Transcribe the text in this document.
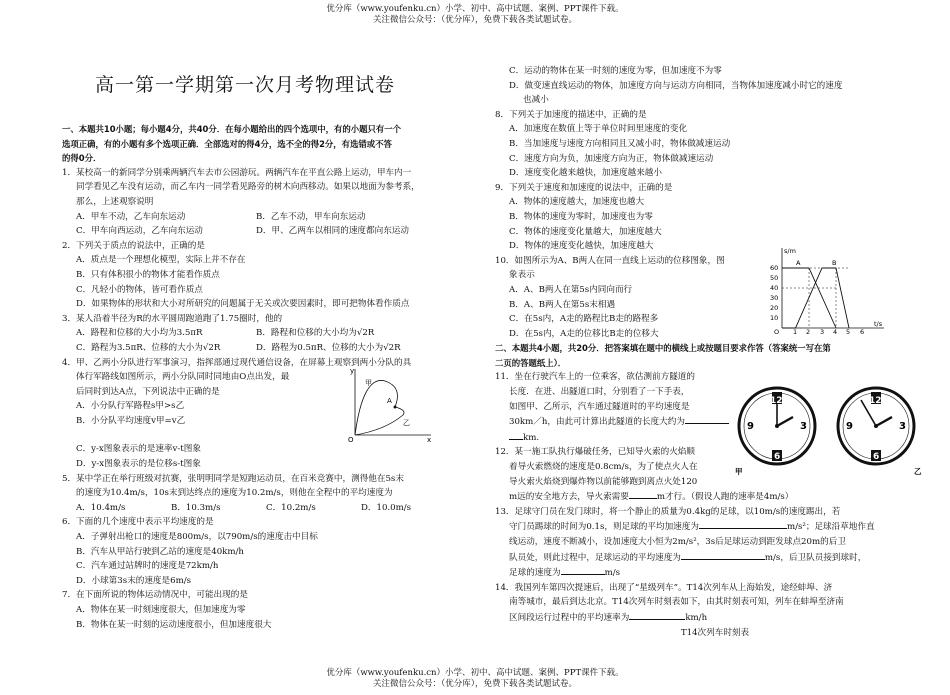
优分库（www.youfenku.cn）小学、初中、高中试题、案例、PPT课件下载。
关注微信公众号：（优分库），免费下载各类试题试卷。
高一第一学期第一次月考物理试卷

一、本题共10小题；每小题4分，共40分．在每小题给出的四个选项中，有的小题只有一个

选项正确，有的小题有多个选项正确．全部选对的得4分，选不全的得2分，有选错或不答

的得0分．

1．某校高一的新同学分别乘两辆汽车去市公园游玩。两辆汽车在平直公路上运动，甲车内一

同学看见乙车没有运动，而乙车内一同学看见路旁的树木向西移动。如果以地面为参考系，

那么，上述观察说明

A．甲车不动，乙车向东运动	B．乙车不动，甲车向东运动
C．甲车向西运动，乙车向东运动	D．甲、乙两车以相同的速度都向东运动

2．下列关于质点的说法中，正确的是

A．质点是一个理想化模型，实际上并不存在

B．只有体积很小的物体才能看作质点

C．凡轻小的物体，皆可看作质点

D．如果物体的形状和大小对所研究的问题属于无关或次要因素时，即可把物体看作质点

3．某人沿着半径为R的水平圆周跑道跑了1.75圈时，他的

A．路程和位移的大小均为3.5πR	B．路程和位移的大小均为√2R
C．路程为3.5πR、位移的大小为√2R	D．路程为0.5πR、位移的大小为√2R

4．甲、乙两小分队进行军事演习，指挥部通过现代通信设备，在屏幕上观察到两小分队的具

体行军路线如图所示，两小分队同时同地由O点出发，最

后同时到达A点，下列说法中正确的是

A．小分队行军路程s甲>s乙

B．小分队平均速度v甲=v乙

C．y-x图象表示的是速率v-t图象

D．y-x图象表示的是位移s-t图象

5．某中学正在举行班级对抗赛，张明明同学是短跑运动员，在百米竞赛中，测得他在5s末

的速度为10.4m/s，10s末到达终点的速度为10.2m/s，则他在全程中的平均速度为

A．10.4m/s	B．10.3m/s	C．10.2m/s	D．10.0m/s

6．下面的几个速度中表示平均速度的是

A．子弹射出枪口的速度是800m/s，以790m/s的速度击中目标

B．汽车从甲站行驶到乙站的速度是40km/h

C．汽车通过站牌时的速度是72km/h

D．小球第3s末的速度是6m/s

7．在下面所说的物体运动情况中，可能出现的是

A．物体在某一时刻速度很大，但加速度为零

B．物体在某一时刻的运动速度很小，但加速度很大

y
x
O
甲
乙
A

C．运动的物体在某一时刻的速度为零，但加速度不为零

D．做变速直线运动的物体，加速度方向与运动方向相同，当物体加速度减小时它的速度

也减小

8．下列关于加速度的描述中，正确的是

A．加速度在数值上等于单位时间里速度的变化

B．当加速度与速度方向相同且又减小时，物体做减速运动

C．速度方向为负，加速度方向为正，物体做减速运动

D．速度变化越来越快，加速度越来越小

9．下列关于速度和加速度的说法中，正确的是

A．物体的速度越大，加速度也越大

B．物体的速度为零时，加速度也为零

C．物体的速度变化量越大，加速度越大

D．物体的速度变化越快，加速度越大

10．如图所示为A、B两人在同一直线上运动的位移图象，图

象表示

A．A、B两人在第5s内同向而行

B．A、B两人在第5s末相遇

C．在5s内，A走的路程比B走的路程多

D．在5s内，A走的位移比B走的位移大

二、本题共4小题，共20分．把答案填在题中的横线上或按题目要求作答（答案统一写在第

二页的答题纸上）．

11．坐在行驶汽车上的一位乘客，欲估测前方隧道的

长度．在进、出隧道口时，分别看了一下手表，

如图甲、乙所示，汽车通过隧道时的平均速度是

30km／h，由此可计算出此隧道的长度大约为

km.

12．某一施工队执行爆破任务，已知导火索的火焰顺

着导火索燃烧的速度是0.8cm/s，为了使点火人在

导火索火焰烧到爆炸物以前能够跑到离点火处120

m远的安全地方去，导火索需要	m才行。（假设人跑的速率是4m/s）

13．足球守门员在发门球时，将一个静止的质量为0.4kg的足球，以10m/s的速度踢出，若

守门员踢球的时间为0.1s，则足球的平均加速度为	m/s²；足球沿草地作直

线运动，速度不断减小，设加速度大小恒为2m/s²，3s后足球运动到距发球点20m的后卫

队员处，则此过程中，足球运动的平均速度为	m/s，后卫队员接到球时，

足球的速度为	m/s

14．我国列车第四次提速后，出现了“星级列车”。T14次列车从上海始发，途经蚌埠、济

南等城市，最后到达北京。T14次列车时刻表如下，由其时刻表可知，列车在蚌埠至济南

区间段运行过程中的平均速率为	km/h

T14次列车时刻表

s/m
t/s
A	B
60
50
40
30
20
10
O 1 2 3 4 5 6
12
3
6
9
甲
12
3
6
9
乙
优分库（www.youfenku.cn）小学、初中、高中试题、案例、PPT课件下载。
关注微信公众号：（优分库），免费下载各类试题试卷。
